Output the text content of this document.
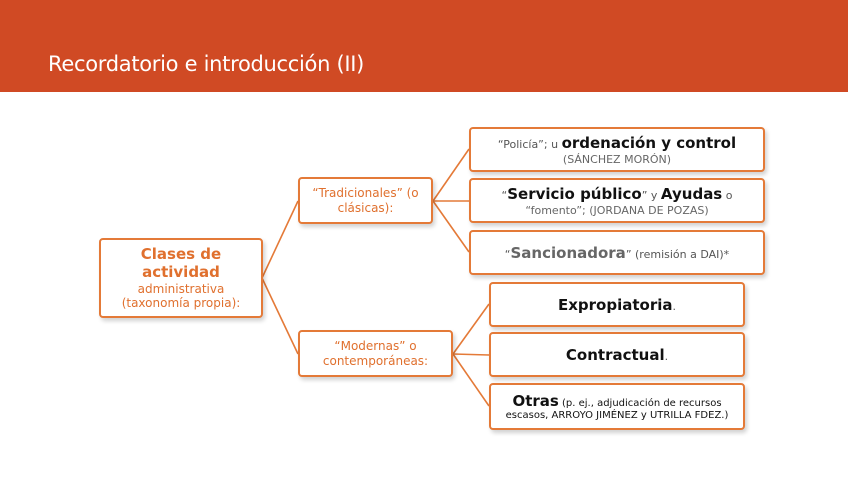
Recordatorio e introducción (II)
Clases de
actividad
administrativa
(taxonomía propia):
“Tradicionales” (o
clásicas):
“Modernas” o
contemporáneas:
“Policía”; u ordenación y control
(SÁNCHEZ MORÓN)
“Servicio público” y Ayudas o
“fomento”; (JORDANA DE POZAS)
“Sancionadora” (remisión a DAI)*
Expropiatoria.
Contractual.
Otras (p. ej., adjudicación de recursos
escasos, ARROYO JIMÉNEZ y UTRILLA FDEZ.)
